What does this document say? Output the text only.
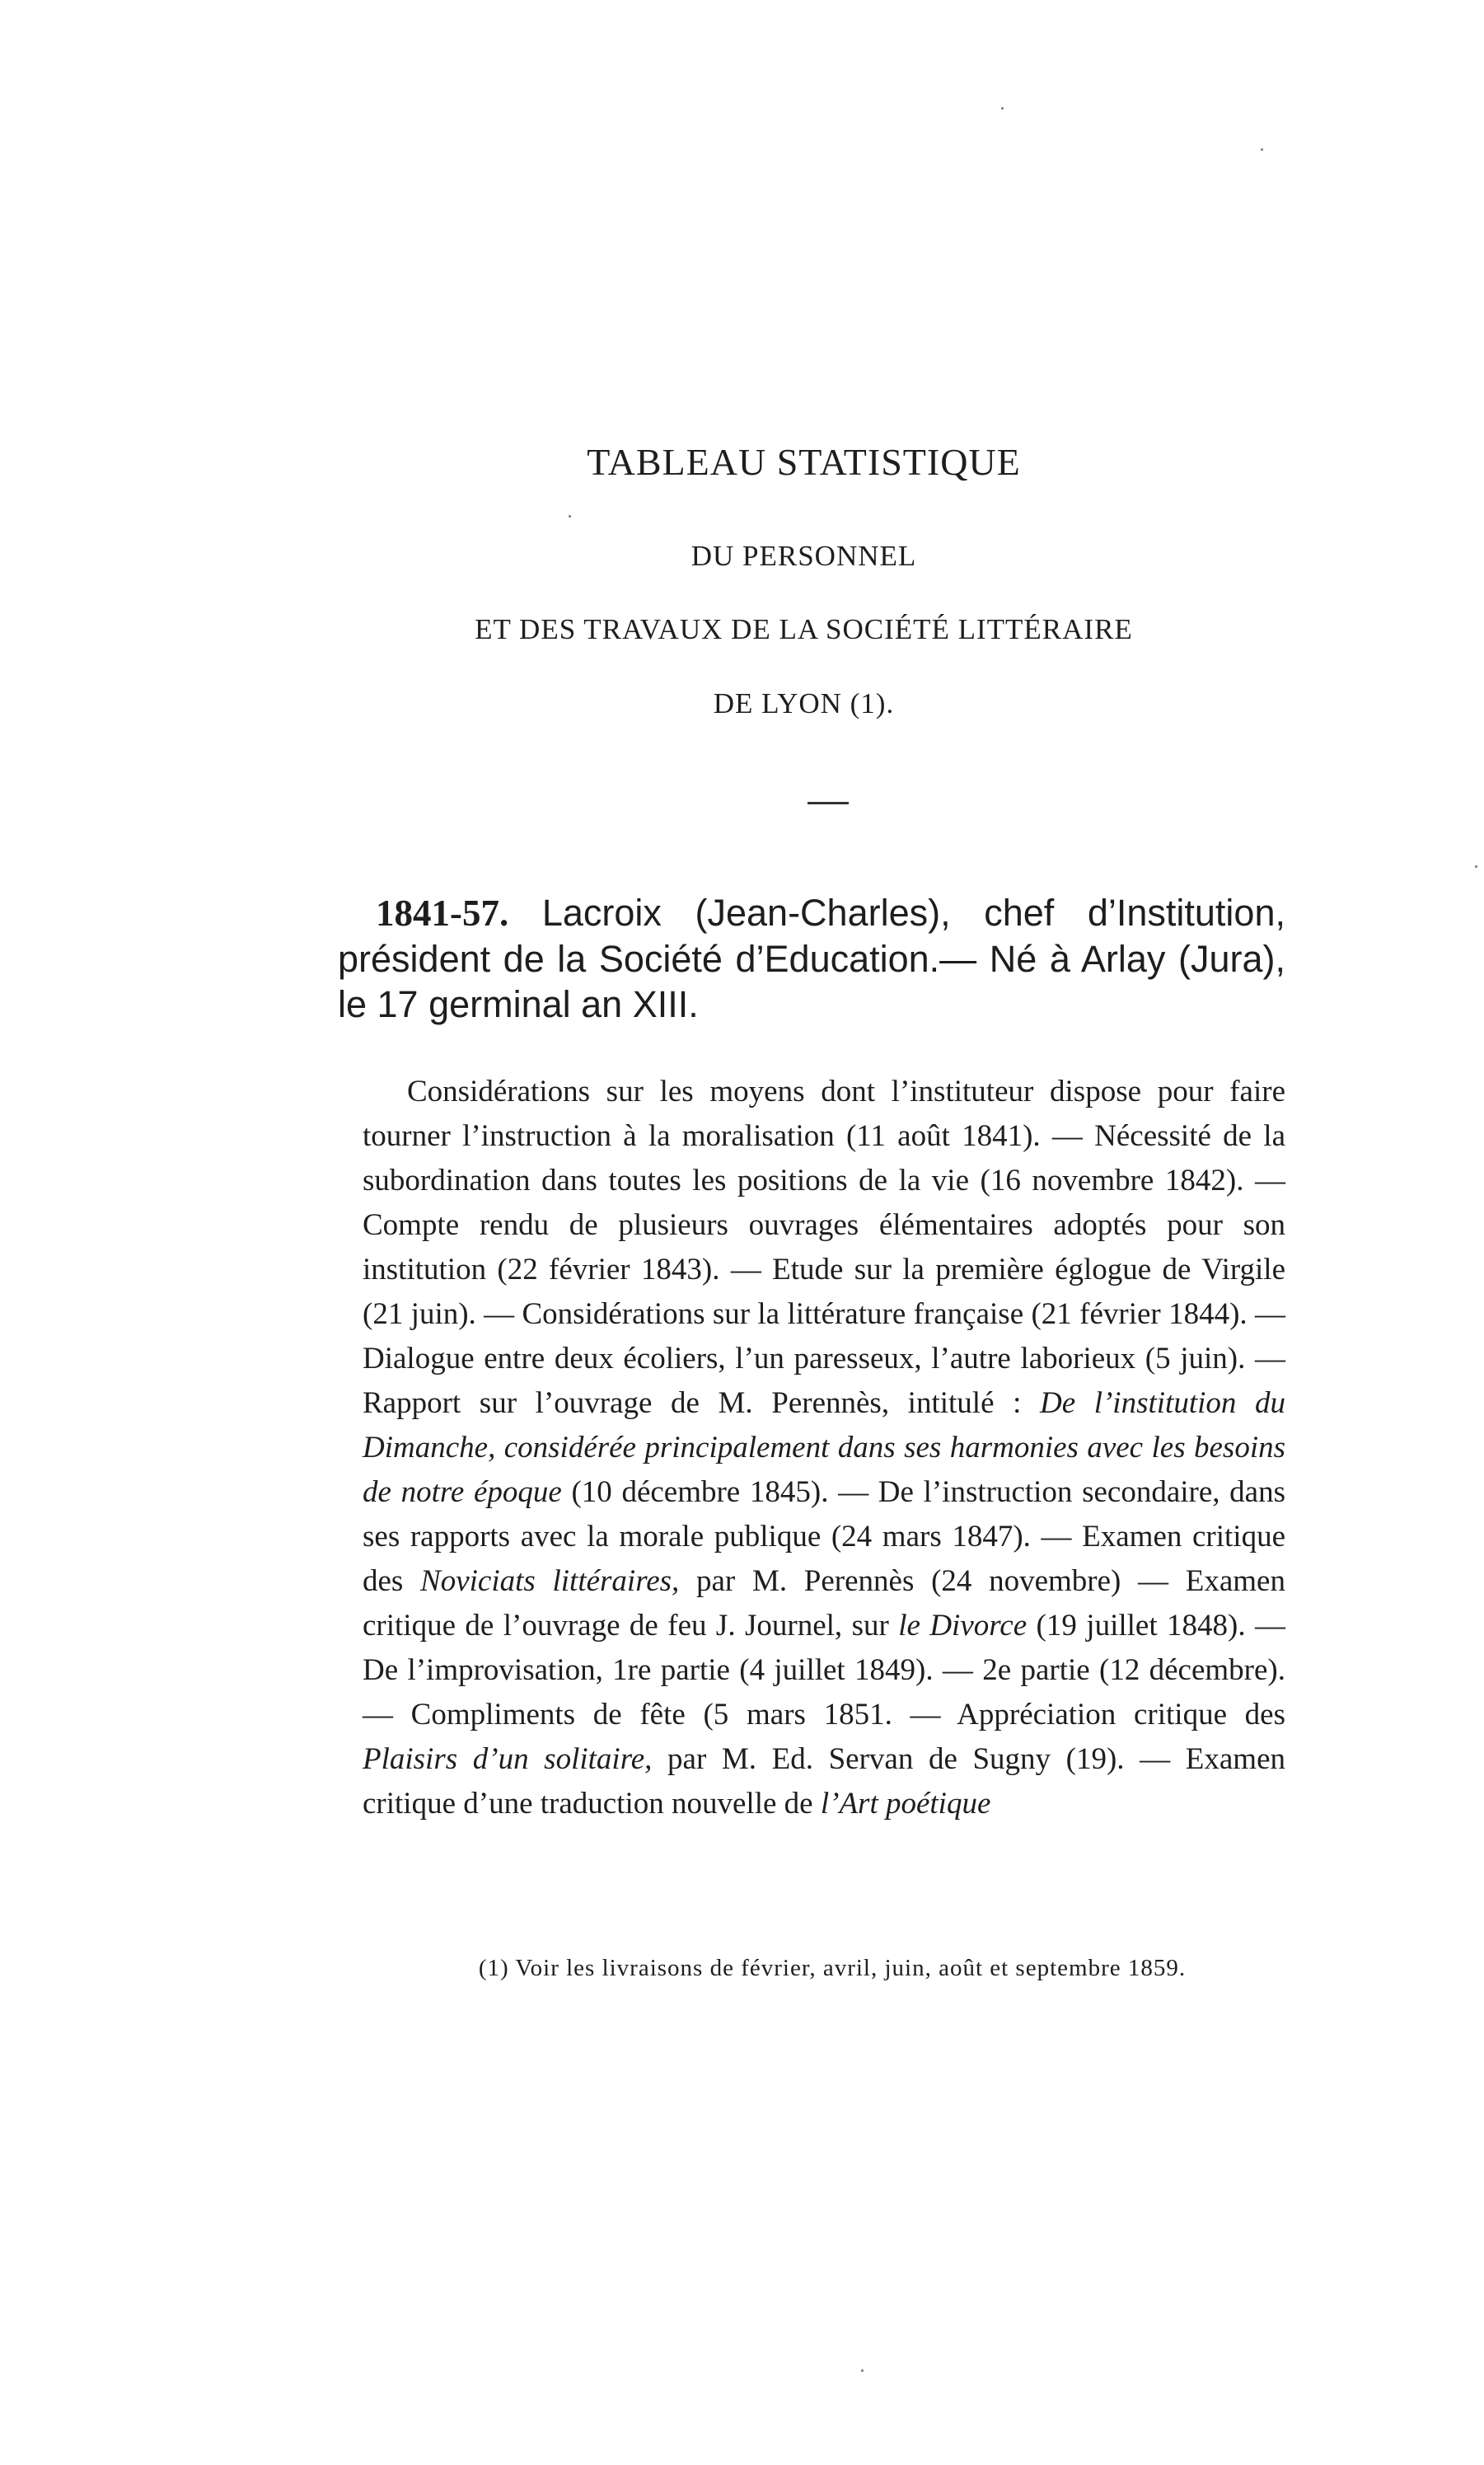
TABLEAU STATISTIQUE
DU PERSONNEL
ET DES TRAVAUX DE LA SOCIÉTÉ LITTÉRAIRE
DE LYON (1).
1841-57. Lacroix (Jean-Charles), chef d’Institution, président de la Société d’Education.— Né à Arlay (Jura), le 17 germinal an XIII.

Considérations sur les moyens dont l’instituteur dispose pour faire tourner l’instruction à la moralisation (11 août 1841). — Nécessité de la subordination dans toutes les positions de la vie (16 novembre 1842). — Compte rendu de plusieurs ouvrages élémentaires adoptés pour son institution (22 février 1843). — Etude sur la première églogue de Virgile (21 juin). — Considérations sur la littérature française (21 février 1844). — Dialogue entre deux écoliers, l’un paresseux, l’autre laborieux (5 juin). — Rapport sur l’ouvrage de M. Perennès, intitulé : De l’institution du Dimanche, considérée principalement dans ses harmonies avec les besoins de notre époque (10 décembre 1845). — De l’instruction secondaire, dans ses rapports avec la morale publique (24 mars 1847). — Examen critique des Noviciats littéraires, par M. Perennès (24 novembre) — Examen critique de l’ouvrage de feu J. Journel, sur le Divorce (19 juillet 1848). — De l’improvisation, 1re partie (4 juillet 1849). — 2e partie (12 décembre). — Compliments de fête (5 mars 1851. — Appréciation critique des Plaisirs d’un solitaire, par M. Ed. Servan de Sugny (19). — Examen critique d’une traduction nouvelle de l’Art poétique

(1) Voir les livraisons de février, avril, juin, août et septembre 1859.
